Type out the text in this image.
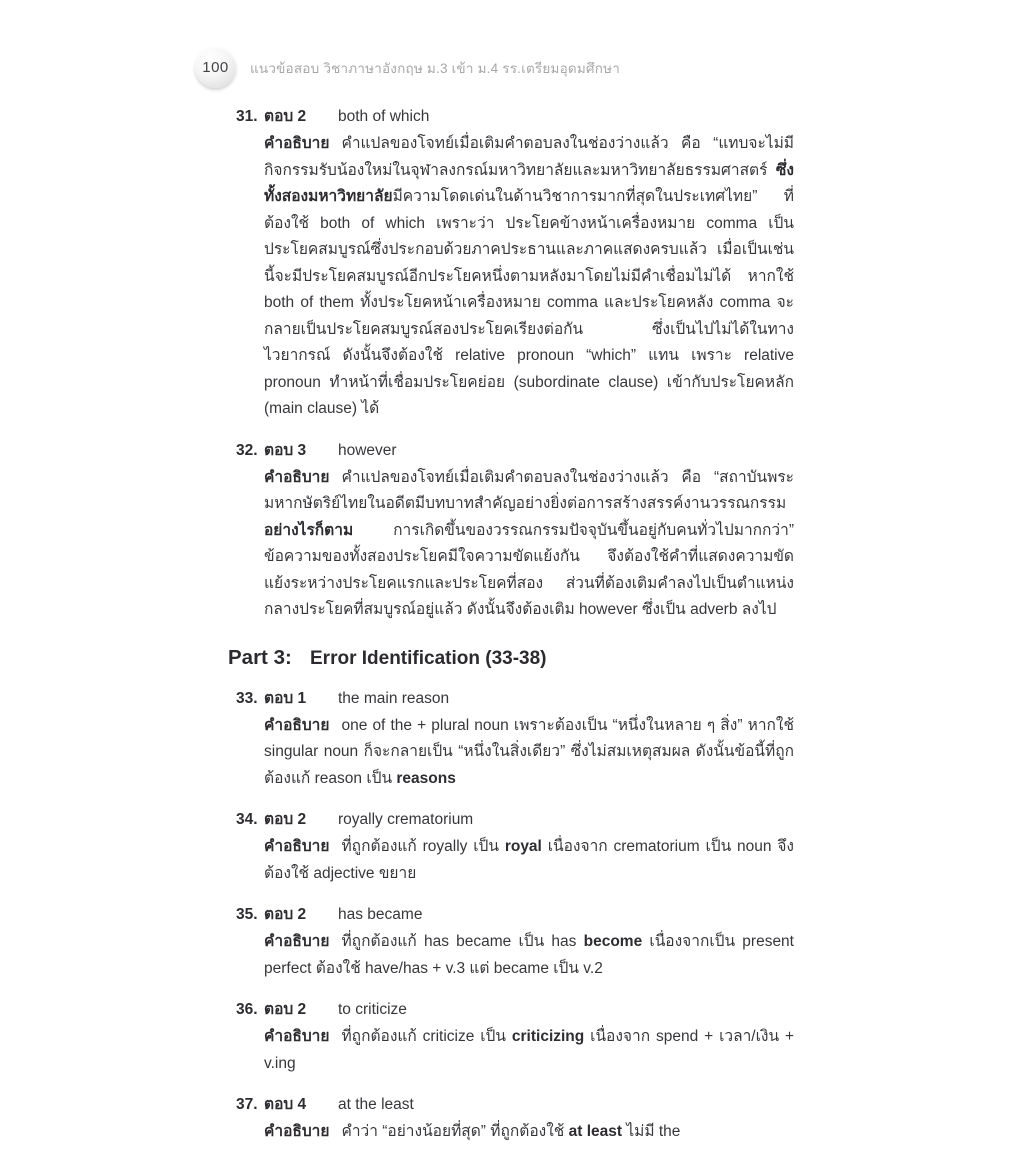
100 แนวข้อสอบ วิชาภาษาอังกฤษ ม.3 เข้า ม.4 รร.เตรียมอุดมศึกษา
31. ตอบ 2	both of which

คำอธิบาย คำแปลของโจทย์เมื่อเติมคำตอบลงในช่องว่างแล้ว คือ “แทบจะไม่มีกิจกรรมรับน้องใหม่ในจุฬาลงกรณ์มหาวิทยาลัยและมหาวิทยาลัยธรรมศาสตร์ ซึ่งทั้งสองมหาวิทยาลัยมีความโดดเด่นในด้านวิชาการมากที่สุดในประเทศไทย” ที่ต้องใช้ both of which เพราะว่า ประโยคข้างหน้าเครื่องหมาย comma เป็นประโยคสมบูรณ์ซึ่งประกอบด้วยภาคประธานและภาคแสดงครบแล้ว เมื่อเป็นเช่นนี้จะมีประโยคสมบูรณ์อีกประโยคหนึ่งตามหลังมาโดยไม่มีคำเชื่อมไม่ได้ หากใช้ both of them ทั้งประโยคหน้าเครื่องหมาย comma และประโยคหลัง comma จะกลายเป็นประโยคสมบูรณ์สองประโยคเรียงต่อกัน ซึ่งเป็นไปไม่ได้ในทางไวยากรณ์ ดังนั้นจึงต้องใช้ relative pronoun “which” แทน เพราะ relative pronoun ทำหน้าที่เชื่อมประโยคย่อย (subordinate clause) เข้ากับประโยคหลัก (main clause) ได้

32. ตอบ 3	however

คำอธิบาย คำแปลของโจทย์เมื่อเติมคำตอบลงในช่องว่างแล้ว คือ “สถาบันพระมหากษัตริย์ไทยในอดีตมีบทบาทสำคัญอย่างยิ่งต่อการสร้างสรรค์งานวรรณกรรม อย่างไรก็ตาม การเกิดขึ้นของวรรณกรรมปัจจุบันขึ้นอยู่กับคนทั่วไปมากกว่า” ข้อความของทั้งสองประโยคมีใจความขัดแย้งกัน จึงต้องใช้คำที่แสดงความขัดแย้งระหว่างประโยคแรกและประโยคที่สอง ส่วนที่ต้องเติมคำลงไปเป็นตำแหน่งกลางประโยคที่สมบูรณ์อยู่แล้ว ดังนั้นจึงต้องเติม however ซึ่งเป็น adverb ลงไป

Part 3: Error Identification (33-38)
33. ตอบ 1	the main reason

คำอธิบาย one of the + plural noun เพราะต้องเป็น “หนึ่งในหลาย ๆ สิ่ง” หากใช้ singular noun ก็จะกลายเป็น “หนึ่งในสิ่งเดียว” ซึ่งไม่สมเหตุสมผล ดังนั้นข้อนี้ที่ถูกต้องแก้ reason เป็น reasons

34. ตอบ 2	royally crematorium

คำอธิบาย ที่ถูกต้องแก้ royally เป็น royal เนื่องจาก crematorium เป็น noun จึงต้องใช้ adjective ขยาย

35. ตอบ 2	has became

คำอธิบาย ที่ถูกต้องแก้ has became เป็น has become เนื่องจากเป็น present perfect ต้องใช้ have/has + v.3 แต่ became เป็น v.2

36. ตอบ 2	to criticize

คำอธิบาย ที่ถูกต้องแก้ criticize เป็น criticizing เนื่องจาก spend + เวลา/เงิน + v.ing

37. ตอบ 4	at the least

คำอธิบาย คำว่า “อย่างน้อยที่สุด” ที่ถูกต้องใช้ at least ไม่มี the
